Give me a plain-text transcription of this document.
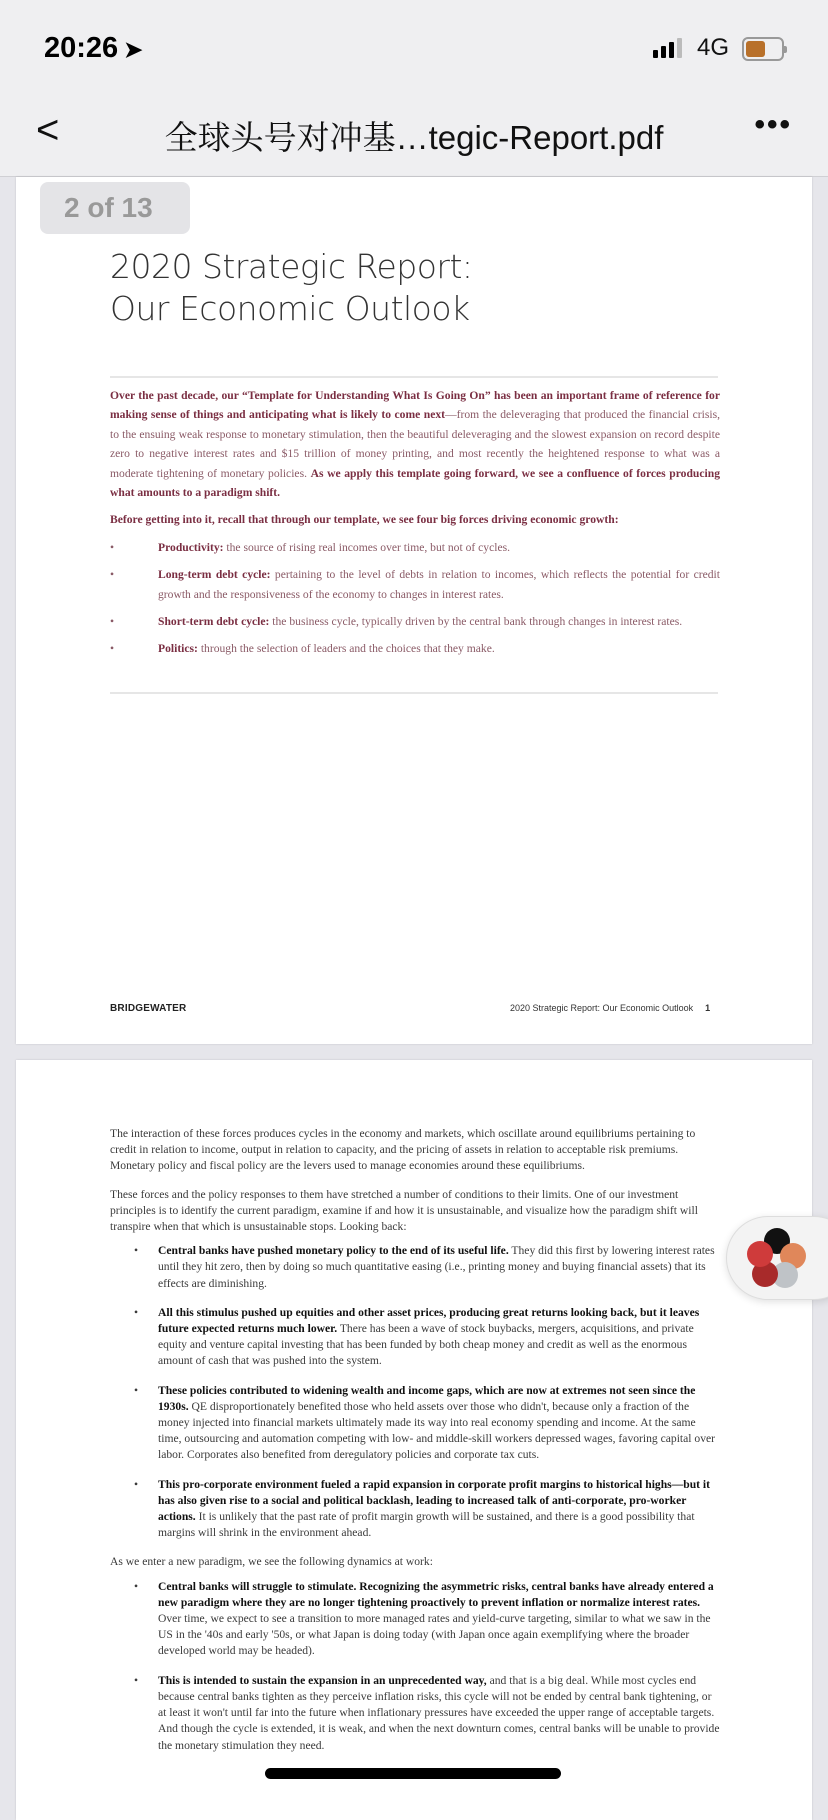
20:26 ➤	4G
<	全球头号对冲基…tegic-Report.pdf	•••
2020 Strategic Report:
Our Economic Outlook

Over the past decade, our “Template for Understanding What Is Going On” has been an important frame of reference for making sense of things and anticipating what is likely to come next—from the deleveraging that produced the financial crisis, to the ensuing weak response to monetary stimulation, then the beautiful deleveraging and the slowest expansion on record despite zero to negative interest rates and $15 trillion of money printing, and most recently the heightened response to what was a moderate tightening of monetary policies. As we apply this template going forward, we see a confluence of forces producing what amounts to a paradigm shift.

Before getting into it, recall that through our template, we see four big forces driving economic growth:

• Productivity: the source of rising real incomes over time, but not of cycles.
• Long-term debt cycle: pertaining to the level of debts in relation to incomes, which reflects the potential for credit growth and the responsiveness of the economy to changes in interest rates.
• Short-term debt cycle: the business cycle, typically driven by the central bank through changes in interest rates.
• Politics: through the selection of leaders and the choices that they make.
BRIDGEWATER	2020 Strategic Report: Our Economic Outlook 1

The interaction of these forces produces cycles in the economy and markets, which oscillate around equilibriums pertaining to credit in relation to income, output in relation to capacity, and the pricing of assets in relation to acceptable risk premiums. Monetary policy and fiscal policy are the levers used to manage economies around these equilibriums.

These forces and the policy responses to them have stretched a number of conditions to their limits. One of our investment principles is to identify the current paradigm, examine if and how it is unsustainable, and visualize how the paradigm shift will transpire when that which is unsustainable stops. Looking back:

• Central banks have pushed monetary policy to the end of its useful life. They did this first by lowering interest rates until they hit zero, then by doing so much quantitative easing (i.e., printing money and buying financial assets) that its effects are diminishing.
• All this stimulus pushed up equities and other asset prices, producing great returns looking back, but it leaves future expected returns much lower. There has been a wave of stock buybacks, mergers, acquisitions, and private equity and venture capital investing that has been funded by both cheap money and credit as well as the enormous amount of cash that was pushed into the system.
• These policies contributed to widening wealth and income gaps, which are now at extremes not seen since the 1930s. QE disproportionately benefited those who held assets over those who didn't, because only a fraction of the money injected into financial markets ultimately made its way into real economy spending and income. At the same time, outsourcing and automation competing with low- and middle-skill workers depressed wages, favoring capital over labor. Corporates also benefited from deregulatory policies and corporate tax cuts.
• This pro-corporate environment fueled a rapid expansion in corporate profit margins to historical highs—but it has also given rise to a social and political backlash, leading to increased talk of anti-corporate, pro-worker actions. It is unlikely that the past rate of profit margin growth will be sustained, and there is a good possibility that margins will shrink in the environment ahead.

As we enter a new paradigm, we see the following dynamics at work:

• Central banks will struggle to stimulate. Recognizing the asymmetric risks, central banks have already entered a new paradigm where they are no longer tightening proactively to prevent inflation or normalize interest rates. Over time, we expect to see a transition to more managed rates and yield-curve targeting, similar to what we saw in the US in the '40s and early '50s, or what Japan is doing today (with Japan once again exemplifying where the broader developed world may be headed).
• This is intended to sustain the expansion in an unprecedented way, and that is a big deal. While most cycles end because central banks tighten as they perceive inflation risks, this cycle will not be ended by central bank tightening, or at least it won't until far into the future when inflationary pressures have exceeded the upper range of acceptable targets. And though the cycle is extended, it is weak, and when the next downturn comes, central banks will be unable to provide the monetary stimulation they need.
2 of 13
